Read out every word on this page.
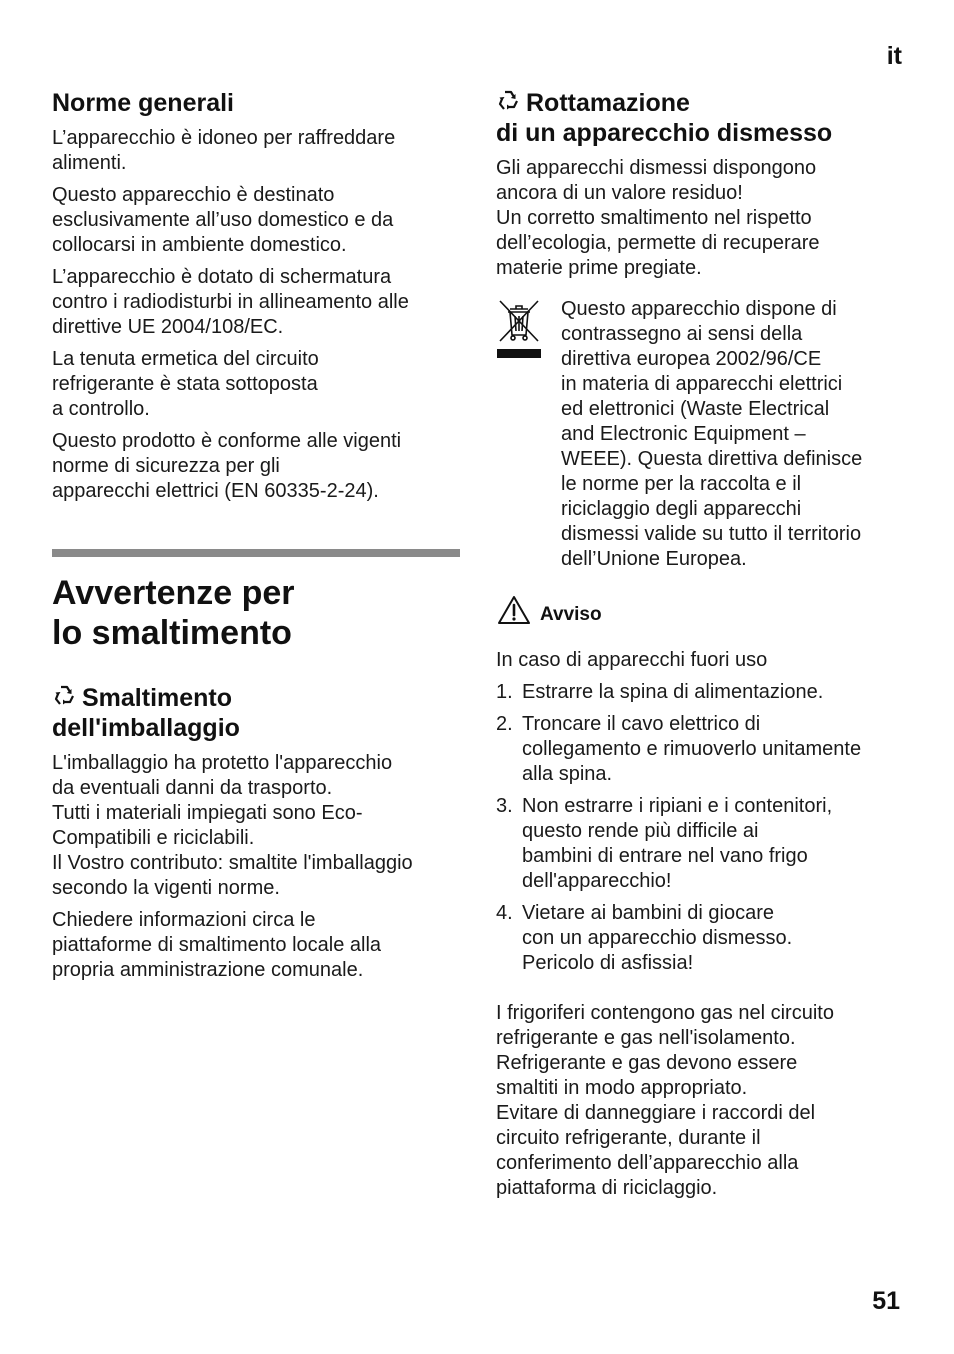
it
Norme generali

L’apparecchio è idoneo per raffreddare
alimenti.

Questo apparecchio è destinato
esclusivamente all’uso domestico e da
collocarsi in ambiente domestico.

L’apparecchio è dotato di schermatura
contro i radiodisturbi in allineamento alle
direttive UE 2004/108/EC.

La tenuta ermetica del circuito
refrigerante è stata sottoposta
a controllo.

Questo prodotto è conforme alle vigenti
norme di sicurezza per gli
apparecchi elettrici (EN 60335-2-24).

Avvertenze per
lo smaltimento
Smaltimento
dell'imballaggio

L'imballaggio ha protetto l'apparecchio
da eventuali danni da trasporto.
Tutti i materiali impiegati sono Eco-
Compatibili e riciclabili.
Il Vostro contributo: smaltite l'imballaggio
secondo la vigenti norme.

Chiedere informazioni circa le
piattaforme di smaltimento locale alla
propria amministrazione comunale.

Rottamazione
di un apparecchio dismesso

Gli apparecchi dismessi dispongono
ancora di un valore residuo!
Un corretto smaltimento nel rispetto
dell’ecologia, permette di recuperare
materie prime pregiate.

Questo apparecchio dispone di
contrassegno ai sensi della
direttiva europea 2002/96/CE
in materia di apparecchi elettrici
ed elettronici (Waste Electrical
and Electronic Equipment –
WEEE). Questa direttiva definisce
le norme per la raccolta e il
riciclaggio degli apparecchi
dismessi valide su tutto il territorio
dell’Unione Europea.
Avviso

In caso di apparecchi fuori uso

1. Estrarre la spina di alimentazione.
2. Troncare il cavo elettrico di
collegamento e rimuoverlo unitamente
alla spina.
3. Non estrarre i ripiani e i contenitori,
questo rende più difficile ai
bambini di entrare nel vano frigo
dell'apparecchio!
4. Vietare ai bambini di giocare
con un apparecchio dismesso.
Pericolo di asfissia!

I frigoriferi contengono gas nel circuito
refrigerante e gas nell'isolamento.
Refrigerante e gas devono essere
smaltiti in modo appropriato.
Evitare di danneggiare i raccordi del
circuito refrigerante, durante il
conferimento dell’apparecchio alla
piattaforma di riciclaggio.

51
